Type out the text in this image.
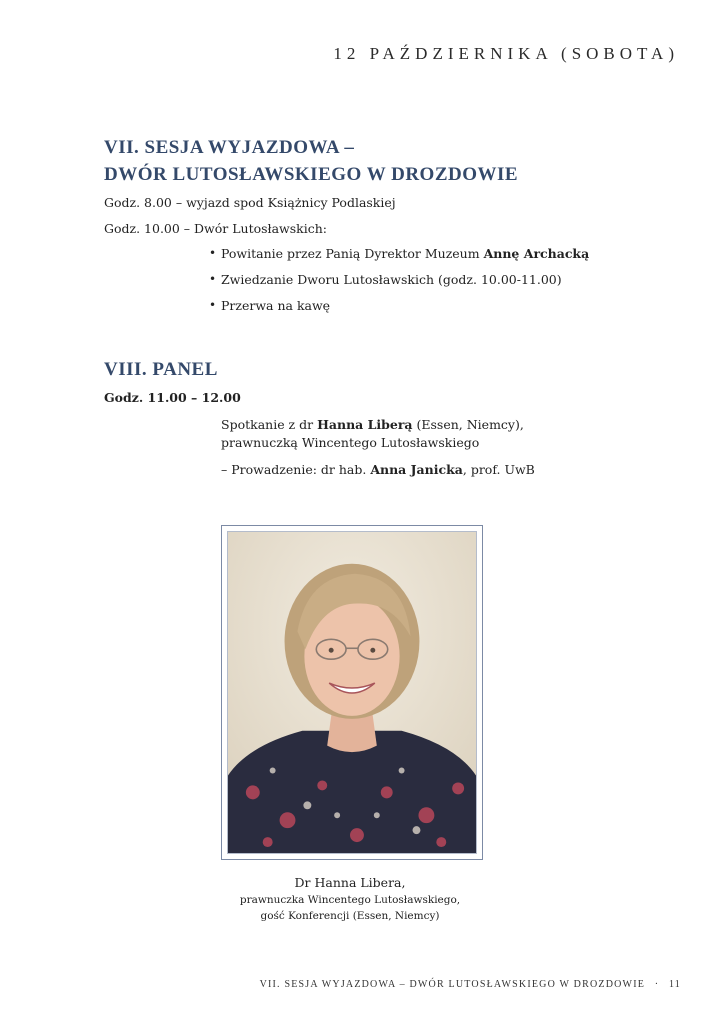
12 PAŹDZIERNIKA (SOBOTA)
VII. SESJA WYJAZDOWA –
DWÓR LUTOSŁAWSKIEGO W DROZDOWIE
Godz. 8.00 – wyjazd spod Książnicy Podlaskiej
Godz. 10.00 – Dwór Lutosławskich:
• Powitanie przez Panią Dyrektor Muzeum Annę Archacką
• Zwiedzanie Dworu Lutosławskich (godz. 10.00-11.00)
• Przerwa na kawę
VIII. PANEL
Godz. 11.00 – 12.00
Spotkanie z dr Hanna Liberą (Essen, Niemcy),
prawnuczką Wincentego Lutosławskiego
– Prowadzenie: dr hab. Anna Janicka, prof. UwB
Dr Hanna Libera,
prawnuczka Wincentego Lutosławskiego,
gość Konferencji (Essen, Niemcy)
VII. SESJA WYJAZDOWA – DWÓR LUTOSŁAWSKIEGO W DROZDOWIE · 11
